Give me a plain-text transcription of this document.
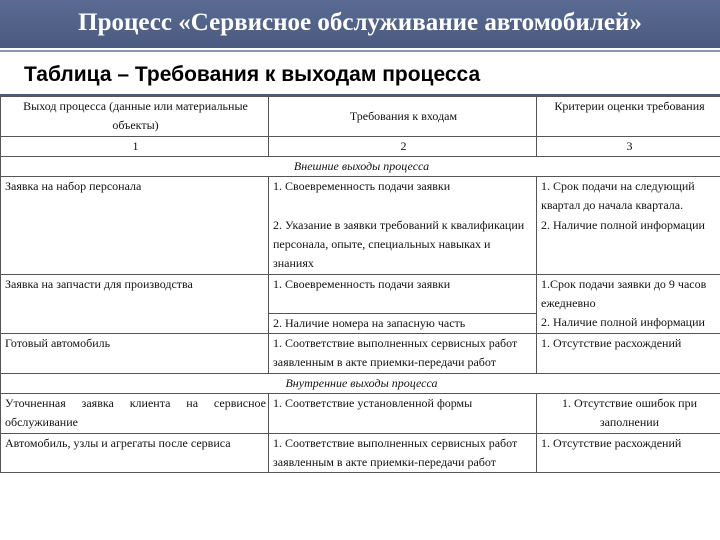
Процесс «Сервисное обслуживание автомобилей»
Таблица – Требования к выходам процесса
Выход процесса (данные или материальные объекты)	Требования к входам	Критерии оценки требования
1	2	3
Внешние выходы процесса		
Заявка на набор персонала	1. Своевременность подачи заявки	1. Срок подачи на следующий квартал до начала квартала.
	2. Указание в заявки требований к квалификации персонала, опыте, специальных навыках и знаниях	2. Наличие полной информации
Заявка на запчасти для производства	1. Своевременность подачи заявки	1.Срок подачи заявки до 9 часов ежедневно
	2. Наличие номера на запасную часть	2. Наличие полной информации
Готовый автомобиль	1. Соответствие выполненных сервисных работ заявленным в акте приемки-передачи работ	1. Отсутствие расхождений
Внутренние выходы процесса		
Уточненная заявка клиента на сервисное обслуживание	1. Соответствие установленной формы	1. Отсутствие ошибок при заполнении
Автомобиль, узлы и агрегаты после сервиса	1. Соответствие выполненных сервисных работ заявленным в акте приемки-передачи работ	1. Отсутствие расхождений
